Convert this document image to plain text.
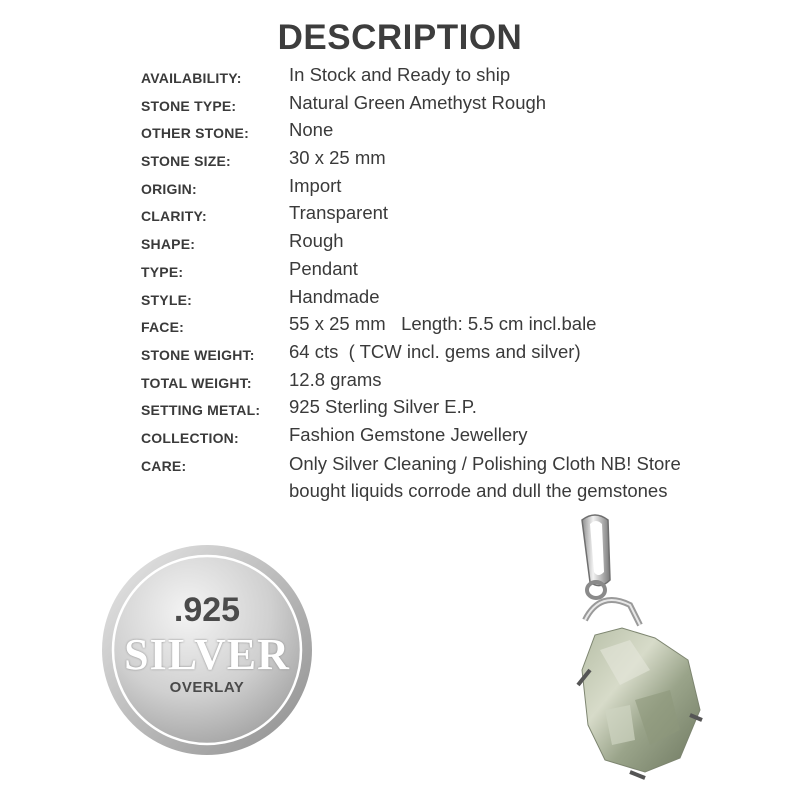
DESCRIPTION
AVAILABILITY:	In Stock and Ready to ship
STONE TYPE:	Natural Green Amethyst Rough
OTHER STONE: None
STONE SIZE:	30 x 25 mm
ORIGIN:	Import
CLARITY:	Transparent
SHAPE:	Rough
TYPE:	Pendant
STYLE:	Handmade
FACE:	55 x 25 mm   Length: 5.5 cm incl.bale
STONE WEIGHT: 64 cts  ( TCW incl. gems and silver)
TOTAL WEIGHT: 12.8 grams
SETTING METAL: 925 Sterling Silver E.P.
COLLECTION:	Fashion Gemstone Jewellery
CARE:	Only Silver Cleaning / Polishing Cloth NB! Store bought liquids corrode and dull the gemstones
.925
SILVER
OVERLAY
